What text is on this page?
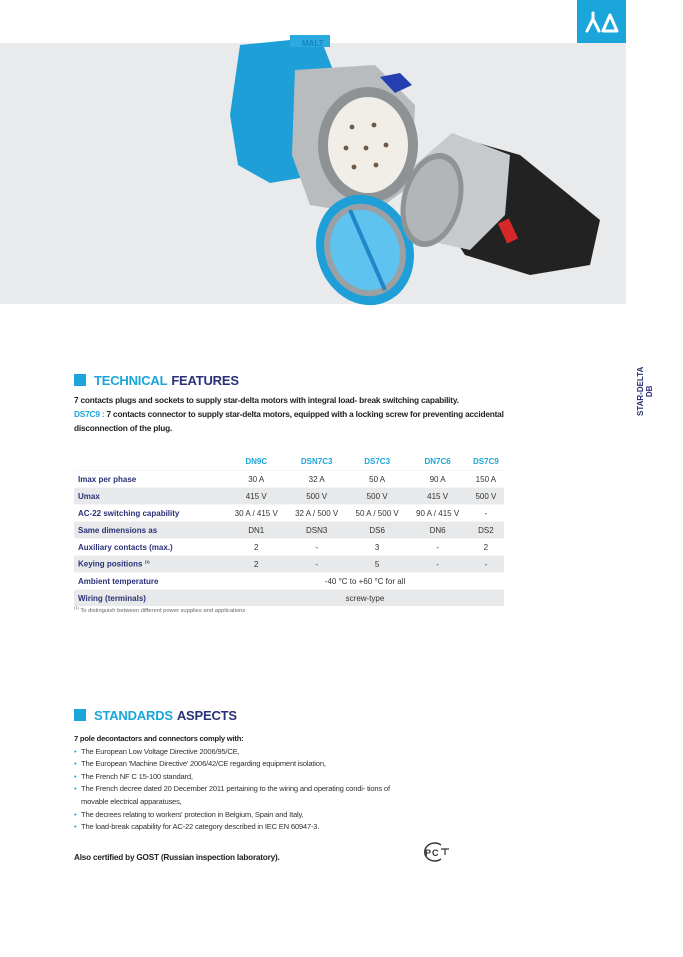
MALT
STAR-DELTA DB
TECHNICAL FEATURES
7 contacts plugs and sockets to supply star-delta motors with integral load- break switching capability.
DS7C9 : 7 contacts connector to supply star-delta motors, equipped with a locking screw for preventing accidental disconnection of the plug.
	DN9C	DSN7C3	DS7C3	DN7C6	DS7C9
Imax per phase	30 A	32 A	50 A	90 A	150 A
Umax	415 V	500 V	500 V	415 V	500 V
AC-22 switching capability	30 A / 415 V	32 A / 500 V	50 A / 500 V	90 A / 415 V	-
Same dimensions as	DN1	DSN3	DS6	DN6	DS2
Auxiliary contacts (max.)	2	-	3	-	2
Keying positions $^{(1)}$	2	-	5	-	-
Ambient temperature	-40 °C to +60 °C for all				
Wiring (terminals)	screw-type				
$^{(1)}$ To distinguish between different power supplies and applications
STANDARDS ASPECTS
7 pole decontactors and connectors comply with:
• The European Low Voltage Directive 2006/95/CE,
• The European 'Machine Directive' 2006/42/CE regarding equipment isolation,
• The French NF C 15-100 standard,
• The French decree dated 20 December 2011 pertaining to the wiring and operating condi- tions of movable electrical apparatuses,
• The decrees relating to workers' protection in Belgium, Spain and Italy,
• The load-break capability for AC-22 category described in IEC EN 60947-3.
Also certified by GOST (Russian inspection laboratory).	P C
